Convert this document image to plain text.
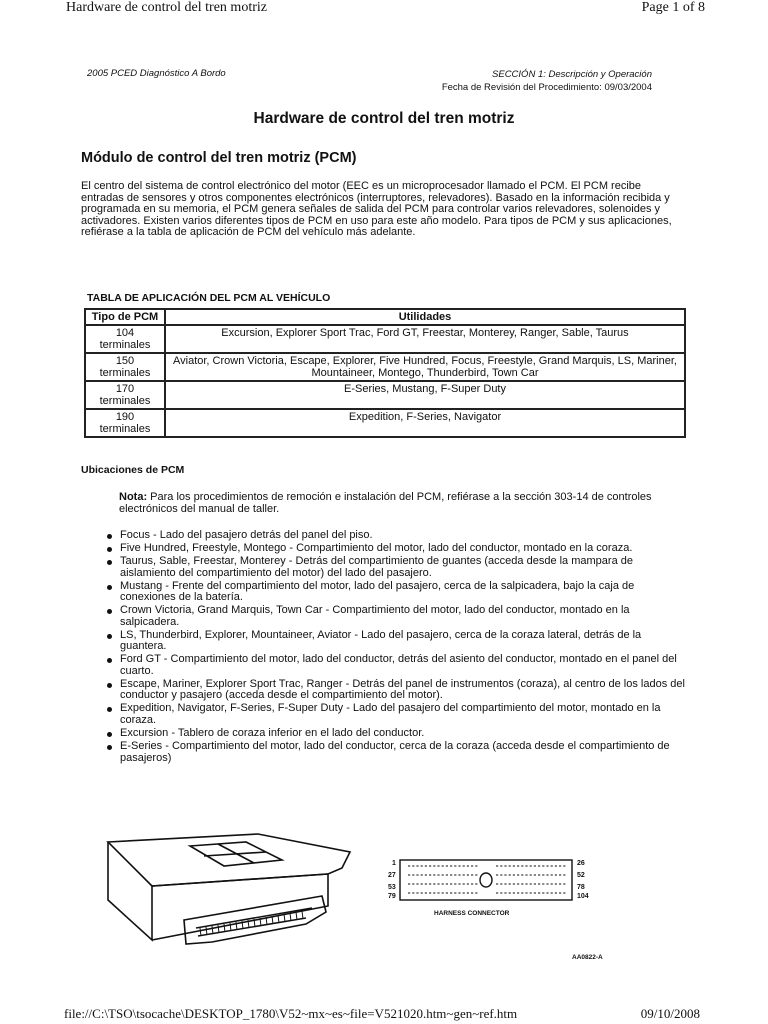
Hardware de control del tren motriz	Page 1 of 8
2005 PCED Diagnóstico A Bordo	SECCIÓN 1: Descripción y Operación
Fecha de Revisión del Procedimiento: 09/03/2004
Hardware de control del tren motriz
Módulo de control del tren motriz (PCM)

El centro del sistema de control electrónico del motor (EEC es un microprocesador llamado el PCM. El PCM recibe entradas de sensores y otros componentes electrónicos (interruptores, relevadores). Basado en la información recibida y programada en su memoria, el PCM genera señales de salida del PCM para controlar varios relevadores, solenoides y activadores. Existen varios diferentes tipos de PCM en uso para este año modelo. Para tipos de PCM y sus aplicaciones, refiérase a la tabla de aplicación de PCM del vehículo más adelante.

TABLA DE APLICACIÓN DEL PCM AL VEHÍCULO

Tipo de PCM	Utilidades
104 terminales	Excursion, Explorer Sport Trac, Ford GT, Freestar, Monterey, Ranger, Sable, Taurus
150 terminales	Aviator, Crown Victoria, Escape, Explorer, Five Hundred, Focus, Freestyle, Grand Marquis, LS, Mariner, Mountaineer, Montego, Thunderbird, Town Car
170 terminales	E-Series, Mustang, F-Super Duty
190 terminales	Expedition, F-Series, Navigator

Ubicaciones de PCM

Nota: Para los procedimientos de remoción e instalación del PCM, refiérase a la sección 303-14 de controles electrónicos del manual de taller.

Focus - Lado del pasajero detrás del panel del piso.
Five Hundred, Freestyle, Montego - Compartimiento del motor, lado del conductor, montado en la coraza.
Taurus, Sable, Freestar, Monterey - Detrás del compartimiento de guantes (acceda desde la mampara de aislamiento del compartimiento del motor) del lado del pasajero.
Mustang - Frente del compartimiento del motor, lado del pasajero, cerca de la salpicadera, bajo la caja de conexiones de la batería.
Crown Victoria, Grand Marquis, Town Car - Compartimiento del motor, lado del conductor, montado en la salpicadera.
LS, Thunderbird, Explorer, Mountaineer, Aviator - Lado del pasajero, cerca de la coraza lateral, detrás de la guantera.
Ford GT - Compartimiento del motor, lado del conductor, detrás del asiento del conductor, montado en el panel del cuarto.
Escape, Mariner, Explorer Sport Trac, Ranger - Detrás del panel de instrumentos (coraza), al centro de los lados del conductor y pasajero (acceda desde el compartimiento del motor).
Expedition, Navigator, F-Series, F-Super Duty - Lado del pasajero del compartimiento del motor, montado en la coraza.
Excursion - Tablero de coraza inferior en el lado del conductor.
E-Series - Compartimiento del motor, lado del conductor, cerca de la coraza (acceda desde el compartimiento de pasajeros)
1
27
53
79
26
52
78
104
HARNESS CONNECTOR
AA0822-A
file://C:\TSO\tsocache\DESKTOP_1780\V52~mx~es~file=V521020.htm~gen~ref.htm	09/10/2008
